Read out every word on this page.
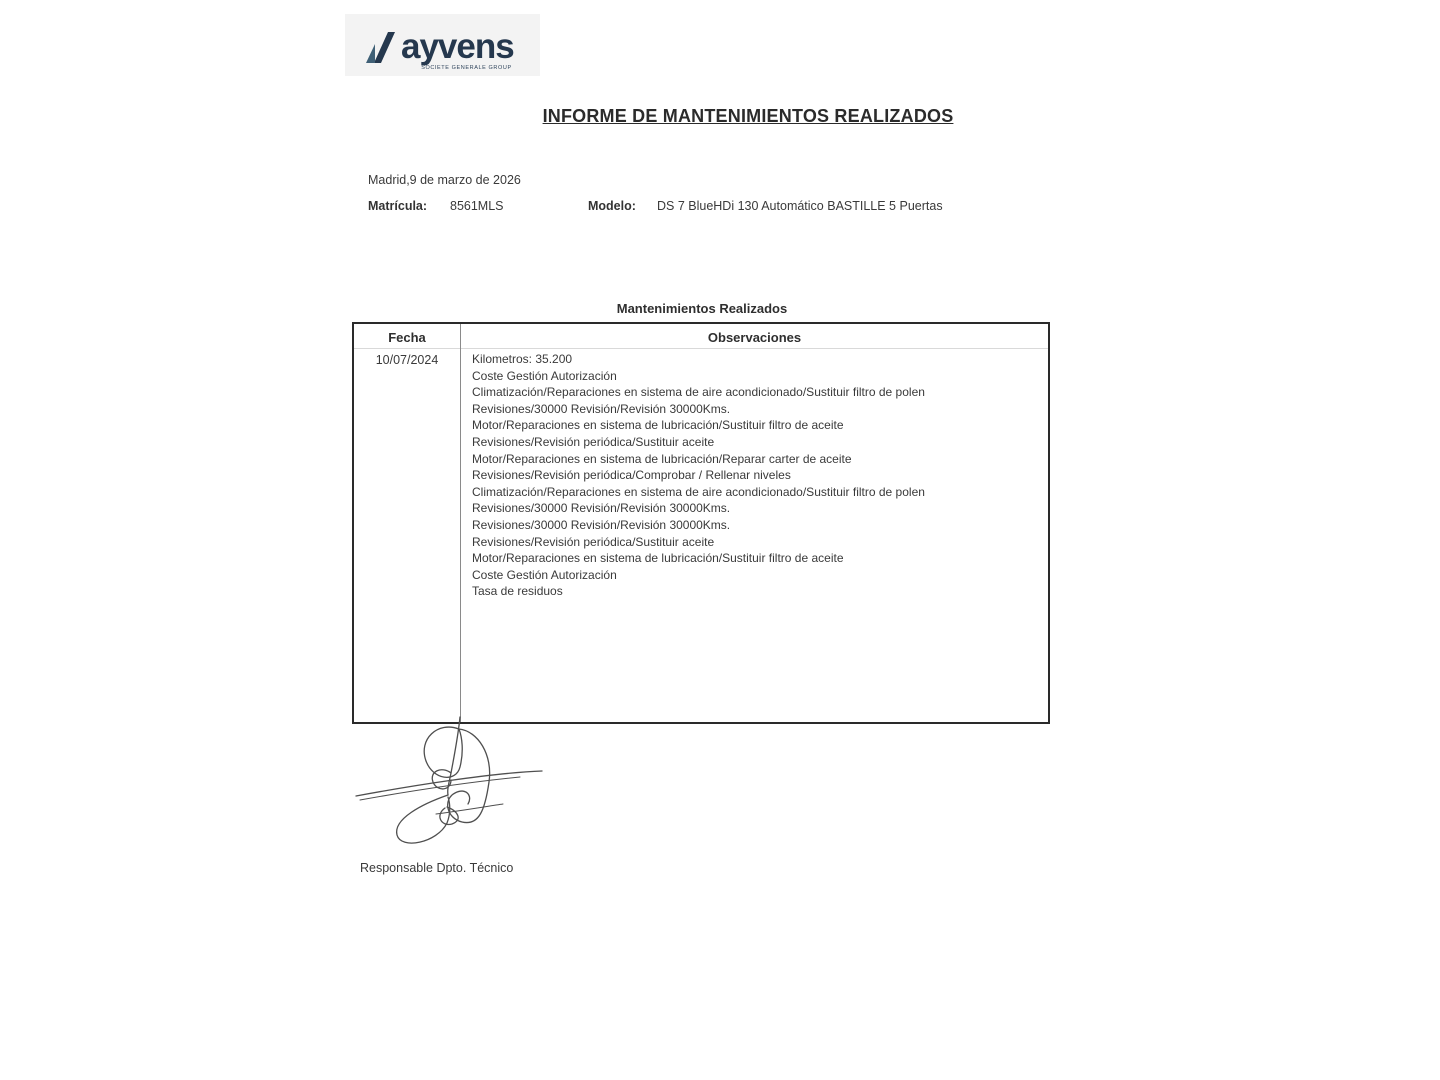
ayvens
SOCIETE GENERALE GROUP
INFORME DE MANTENIMIENTOS REALIZADOS
Madrid,9 de marzo de 2026
Matrícula: 8561MLS	Modelo: DS 7 BlueHDi 130 Automático BASTILLE 5 Puertas
Mantenimientos Realizados
Fecha	Observaciones
10/07/2024	Kilometros: 35.200
Coste Gestión Autorización
Climatización/Reparaciones en sistema de aire acondicionado/Sustituir filtro de polen
Revisiones/30000 Revisión/Revisión 30000Kms.
Motor/Reparaciones en sistema de lubricación/Sustituir filtro de aceite
Revisiones/Revisión periódica/Sustituir aceite
Motor/Reparaciones en sistema de lubricación/Reparar carter de aceite
Revisiones/Revisión periódica/Comprobar / Rellenar niveles
Climatización/Reparaciones en sistema de aire acondicionado/Sustituir filtro de polen
Revisiones/30000 Revisión/Revisión 30000Kms.
Revisiones/30000 Revisión/Revisión 30000Kms.
Revisiones/Revisión periódica/Sustituir aceite
Motor/Reparaciones en sistema de lubricación/Sustituir filtro de aceite
Coste Gestión Autorización
Tasa de residuos
Responsable Dpto. Técnico
